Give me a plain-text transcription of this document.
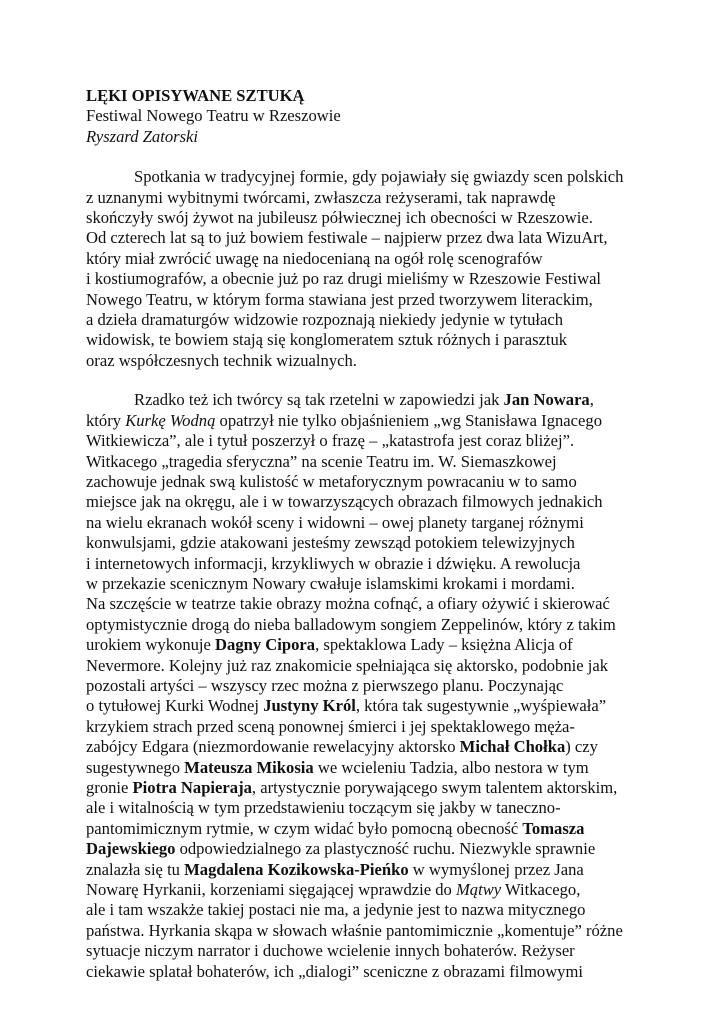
LĘKI OPISYWANE SZTUKĄ
Festiwal Nowego Teatru w Rzeszowie
Ryszard Zatorski

Spotkania w tradycyjnej formie, gdy pojawiały się gwiazdy scen polskich
z uznanymi wybitnymi twórcami, zwłaszcza reżyserami, tak naprawdę
skończyły swój żywot na jubileusz półwiecznej ich obecności w Rzeszowie.
Od czterech lat są to już bowiem festiwale – najpierw przez dwa lata WizuArt,
który miał zwrócić uwagę na niedocenianą na ogół rolę scenografów
i kostiumografów, a obecnie już po raz drugi mieliśmy w Rzeszowie Festiwal
Nowego Teatru, w którym forma stawiana jest przed tworzywem literackim,
a dzieła dramaturgów widzowie rozpoznają niekiedy jedynie w tytułach
widowisk, te bowiem stają się konglomeratem sztuk różnych i parasztuk
oraz współczesnych technik wizualnych.

Rzadko też ich twórcy są tak rzetelni w zapowiedzi jak Jan Nowara,
który Kurkę Wodną opatrzył nie tylko objaśnieniem „wg Stanisława Ignacego
Witkiewicza”, ale i tytuł poszerzył o frazę – „katastrofa jest coraz bliżej”.
Witkacego „tragedia sferyczna” na scenie Teatru im. W. Siemaszkowej
zachowuje jednak swą kulistość w metaforycznym powracaniu w to samo
miejsce jak na okręgu, ale i w towarzyszących obrazach filmowych jednakich
na wielu ekranach wokół sceny i widowni – owej planety targanej różnymi
konwulsjami, gdzie atakowani jesteśmy zewsząd potokiem telewizyjnych
i internetowych informacji, krzykliwych w obrazie i dźwięku. A rewolucja
w przekazie scenicznym Nowary cwałuje islamskimi krokami i mordami.
Na szczęście w teatrze takie obrazy można cofnąć, a ofiary ożywić i skierować
optymistycznie drogą do nieba balladowym songiem Zeppelinów, który z takim
urokiem wykonuje Dagny Cipora, spektaklowa Lady – księżna Alicja of
Nevermore. Kolejny już raz znakomicie spełniająca się aktorsko, podobnie jak
pozostali artyści – wszyscy rzec można z pierwszego planu. Poczynając
o tytułowej Kurki Wodnej Justyny Król, która tak sugestywnie „wyśpiewała”
krzykiem strach przed sceną ponownej śmierci i jej spektaklowego męża-
zabójcy Edgara (niezmordowanie rewelacyjny aktorsko Michał Chołka) czy
sugestywnego Mateusza Mikosia we wcieleniu Tadzia, albo nestora w tym
gronie Piotra Napieraja, artystycznie porywającego swym talentem aktorskim,
ale i witalnością w tym przedstawieniu toczącym się jakby w taneczno-
pantomimicznym rytmie, w czym widać było pomocną obecność Tomasza
Dajewskiego odpowiedzialnego za plastyczność ruchu. Niezwykle sprawnie
znalazła się tu Magdalena Kozikowska-Pieńko w wymyślonej przez Jana
Nowarę Hyrkanii, korzeniami sięgającej wprawdzie do Mątwy Witkacego,
ale i tam wszakże takiej postaci nie ma, a jedynie jest to nazwa mitycznego
państwa. Hyrkania skąpa w słowach właśnie pantomimicznie „komentuje” różne
sytuacje niczym narrator i duchowe wcielenie innych bohaterów. Reżyser
ciekawie splatał bohaterów, ich „dialogi” sceniczne z obrazami filmowymi
